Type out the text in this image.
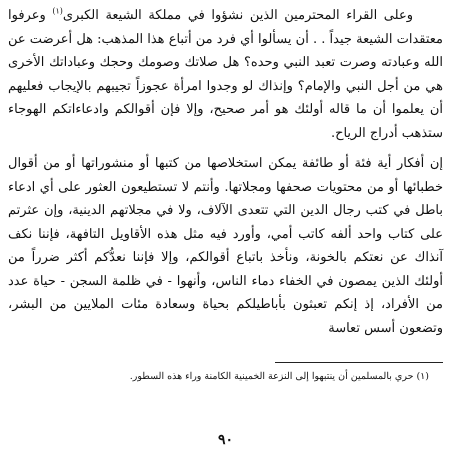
وعلى القراء المحترمين الذين نشؤوا في مملكة الشيعة الكبرى$^{(١)}$ وعرفوا معتقدات الشيعة جيداً . . أن يسألوا أي فرد من أتباع هذا المذهب: هل أعرضت عن الله وعبادته وصرت تعبد النبي وحده؟ هل صلاتك وصومك وحجك وعباداتك الأخرى هي من أجل النبي والإمام؟ وإنذاك لو وجدوا امرأة عجوزاً تجيبهم بالإيجاب فعليهم أن يعلموا أن ما قاله أولئك هو أمر صحيح، وإلا فإن أقوالكم وادعاءاتكم الهوجاء ستذهب أدراج الرياح.

إن أفكار أية فئة أو طائفة يمكن استخلاصها من كتبها أو منشوراتها أو من أقوال خطبائها أو من محتويات صحفها ومجلاتها. وأنتم لا تستطيعون العثور على أي ادعاء باطل في كتب رجال الدين التي تتعدى الآلاف، ولا في مجلاتهم الدينية، وإن عثرتم على كتاب واحد ألفه كاتب أمي، وأورد فيه مثل هذه الأقاويل التافهة، فإننا نكف آنذاك عن نعتكم بالخونة، ونأخذ باتباع أقوالكم، وإلا فإننا نعدُّكم أكثر ضرراً من أولئك الذين يمصون في الخفاء دماء الناس، وأنهوا - في ظلمة السجن - حياة عدد من الأفراد، إذ إنكم تعبثون بأباطيلكم بحياة وسعادة مئات الملايين من البشر، وتضعون أسس تعاسة

(١) حري بالمسلمين أن ينتبهوا إلى النزعة الخمينية الكامنة وراء هذه السطور.

٩٠
